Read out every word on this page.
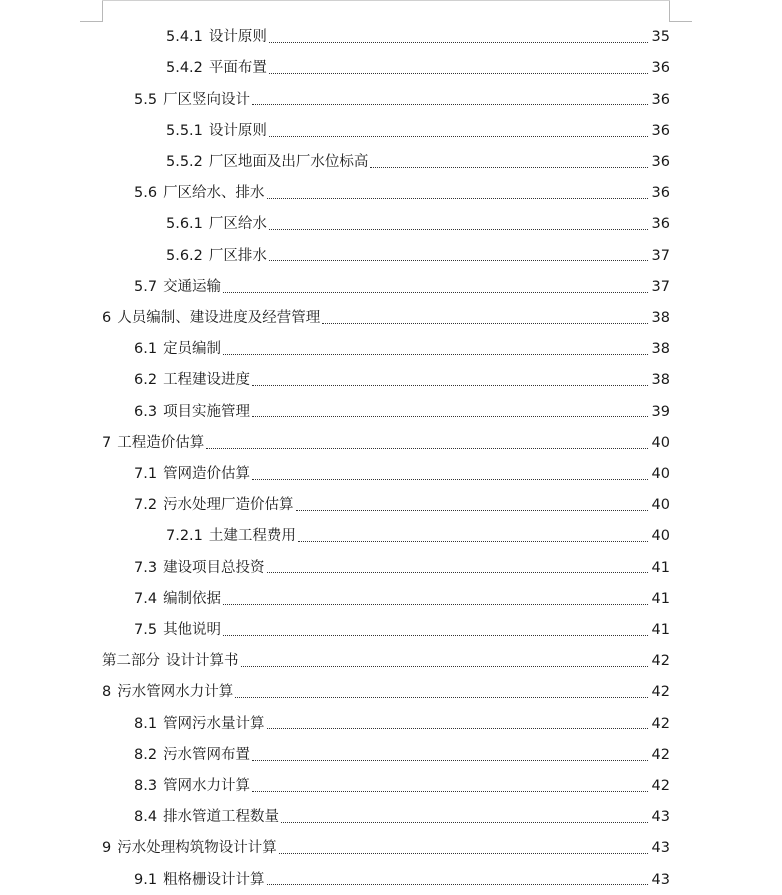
5.4.1 设计原则	35
5.4.2 平面布置	36
5.5 厂区竖向设计	36
5.5.1 设计原则	36
5.5.2 厂区地面及出厂水位标高	36
5.6 厂区给水、排水	36
5.6.1 厂区给水	36
5.6.2 厂区排水	37
5.7 交通运输	37
6 人员编制、建设进度及经营管理	38
6.1 定员编制	38
6.2 工程建设进度	38
6.3 项目实施管理	39
7 工程造价估算	40
7.1 管网造价估算	40
7.2 污水处理厂造价估算	40
7.2.1 土建工程费用	40
7.3 建设项目总投资	41
7.4 编制依据	41
7.5 其他说明	41
第二部分 设计计算书	42
8 污水管网水力计算	42
8.1 管网污水量计算	42
8.2 污水管网布置	42
8.3 管网水力计算	42
8.4 排水管道工程数量	43
9 污水处理构筑物设计计算	43
9.1 粗格栅设计计算	43
